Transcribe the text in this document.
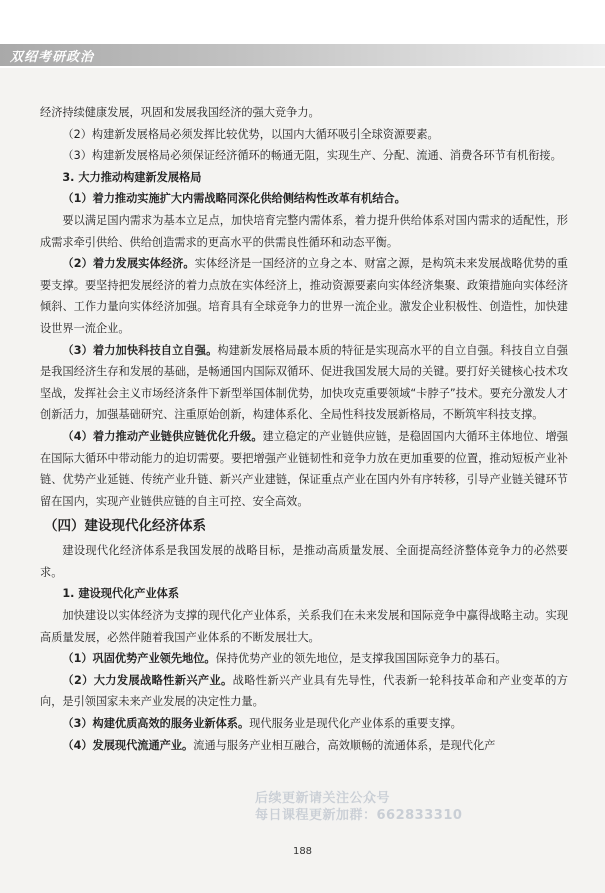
双绍考研政治

经济持续健康发展，巩固和发展我国经济的强大竞争力。

（2）构建新发展格局必须发挥比较优势，以国内大循环吸引全球资源要素。

（3）构建新发展格局必须保证经济循环的畅通无阻，实现生产、分配、流通、消费各环节有机衔接。

3. 大力推动构建新发展格局

（1）着力推动实施扩大内需战略同深化供给侧结构性改革有机结合。

要以满足国内需求为基本立足点，加快培育完整内需体系，着力提升供给体系对国内需求的适配性，形成需求牵引供给、供给创造需求的更高水平的供需良性循环和动态平衡。

（2）着力发展实体经济。实体经济是一国经济的立身之本、财富之源，是构筑未来发展战略优势的重要支撑。要坚持把发展经济的着力点放在实体经济上，推动资源要素向实体经济集聚、政策措施向实体经济倾斜、工作力量向实体经济加强。培育具有全球竞争力的世界一流企业。激发企业积极性、创造性，加快建设世界一流企业。

（3）着力加快科技自立自强。构建新发展格局最本质的特征是实现高水平的自立自强。科技自立自强是我国经济生存和发展的基础，是畅通国内国际双循环、促进我国发展大局的关键。要打好关键核心技术攻坚战，发挥社会主义市场经济条件下新型举国体制优势，加快攻克重要领域“卡脖子”技术。要充分激发人才创新活力，加强基础研究、注重原始创新，构建体系化、全局性科技发展新格局，不断筑牢科技支撑。

（4）着力推动产业链供应链优化升级。建立稳定的产业链供应链，是稳固国内大循环主体地位、增强在国际大循环中带动能力的迫切需要。要把增强产业链韧性和竞争力放在更加重要的位置，推动短板产业补链、优势产业延链、传统产业升链、新兴产业建链，保证重点产业在国内外有序转移，引导产业链关键环节留在国内，实现产业链供应链的自主可控、安全高效。

（四）建设现代化经济体系

建设现代化经济体系是我国发展的战略目标，是推动高质量发展、全面提高经济整体竞争力的必然要求。

1. 建设现代化产业体系

加快建设以实体经济为支撑的现代化产业体系，关系我们在未来发展和国际竞争中赢得战略主动。实现高质量发展，必然伴随着我国产业体系的不断发展壮大。

（1）巩固优势产业领先地位。保持优势产业的领先地位，是支撑我国国际竞争力的基石。

（2）大力发展战略性新兴产业。战略性新兴产业具有先导性，代表新一轮科技革命和产业变革的方向，是引领国家未来产业发展的决定性力量。

（3）构建优质高效的服务业新体系。现代服务业是现代化产业体系的重要支撑。

（4）发展现代流通产业。流通与服务产业相互融合，高效顺畅的流通体系，是现代化产

后续更新请关注公众号
每日课程更新加群：662833310
188
